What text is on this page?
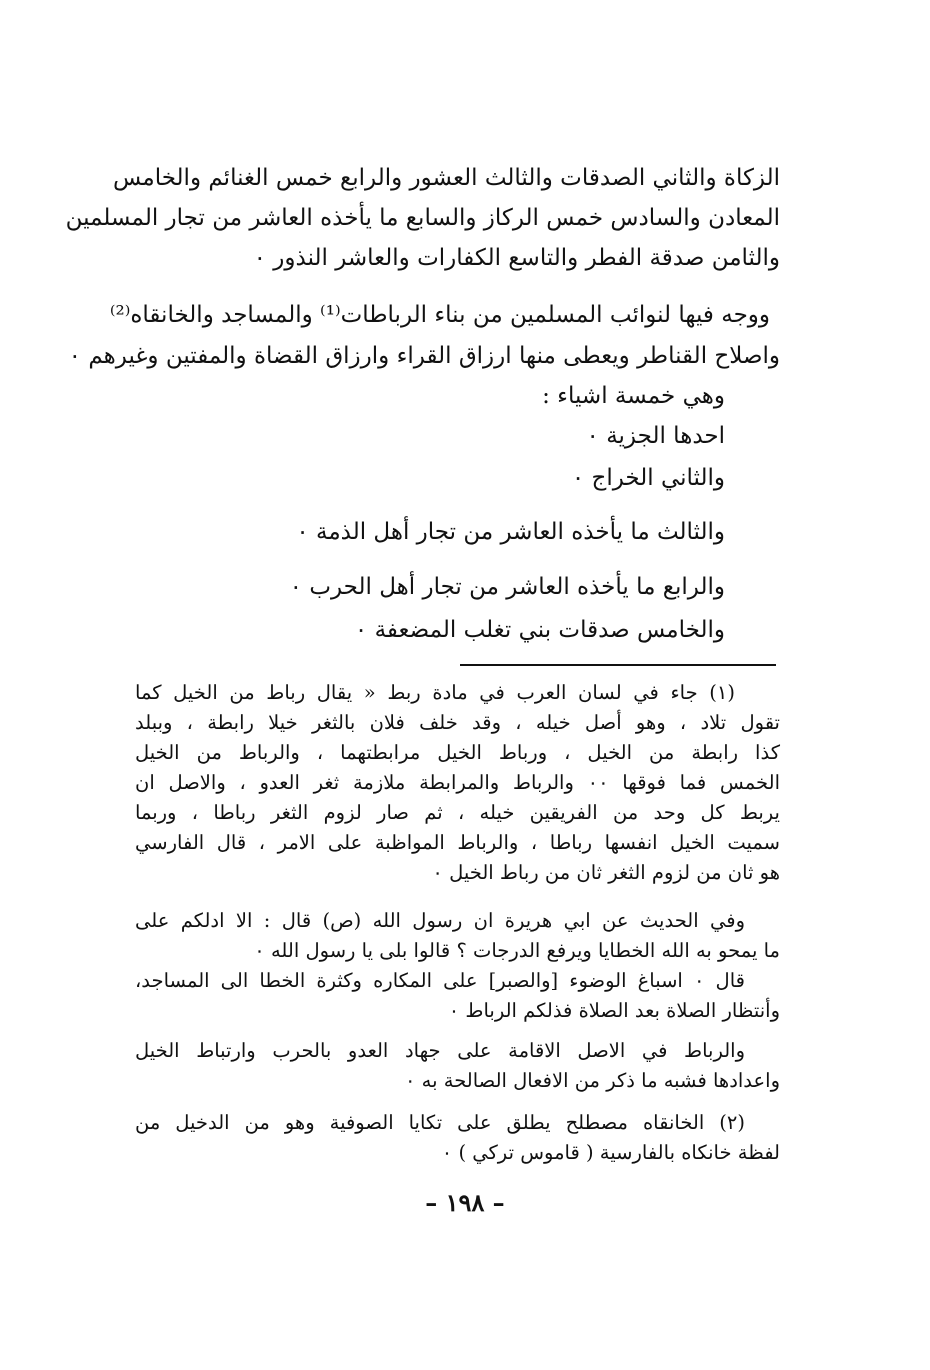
الزكاة والثاني الصدقات والثالث العشور والرابع خمس الغنائم والخامس
المعادن والسادس خمس الركاز والسابع ما يأخذه العاشر من تجار المسلمين
والثامن صدقة الفطر والتاسع الكفارات والعاشر النذور ٠
ووجه فيها لنوائب المسلمين من بناء الرباطات⁽¹⁾ والمساجد والخانقاه⁽²⁾
واصلاح القناطر ويعطى منها ارزاق القراء وارزاق القضاة والمفتين وغيرهم ٠
وهي خمسة اشياء :
احدها الجزية ٠
والثاني الخراج ٠
والثالث ما يأخذه العاشر من تجار أهل الذمة ٠
والرابع ما يأخذه العاشر من تجار أهل الحرب ٠
والخامس صدقات بني تغلب المضعفة ٠
(١) جاء في لسان العرب في مادة ربط « يقال رباط من الخيل كما
تقول تلاد ، وهو أصل خيله ، وقد خلف فلان بالثغر خيلا رابطة ، وببلد
كذا رابطة من الخيل ، ورباط الخيل مرابطتهما ، والرباط من الخيل
الخمس فما فوقها ٠٠ والرباط والمرابطة ملازمة ثغر العدو ، والاصل ان
يربط كل وحد من الفريقين خيله ، ثم صار لزوم الثغر رباطا ، وربما
سميت الخيل انفسها رباطا ، والرباط المواظبة على الامر ، قال الفارسي
هو ثان من لزوم الثغر ثان من رباط الخيل ٠
وفي الحديث عن ابي هريرة ان رسول الله (ص) قال : الا ادلكم على
ما يمحو به الله الخطايا ويرفع الدرجات ؟ قالوا بلى يا رسول الله ٠
قال ٠ اسباغ الوضوء [والصبر] على المكاره وكثرة الخطا الى المساجد،
وأنتظار الصلاة بعد الصلاة فذلكم الرباط ٠
والرباط في الاصل الاقامة على جهاد العدو بالحرب وارتباط الخيل
واعدادها فشبه ما ذكر من الافعال الصالحة به ٠
(٢) الخانقاه مصطلح يطلق على تكايا الصوفية وهو من الدخيل من
لفظة خانكاه بالفارسية ( قاموس تركي ) ٠
– ١٩٨ –
